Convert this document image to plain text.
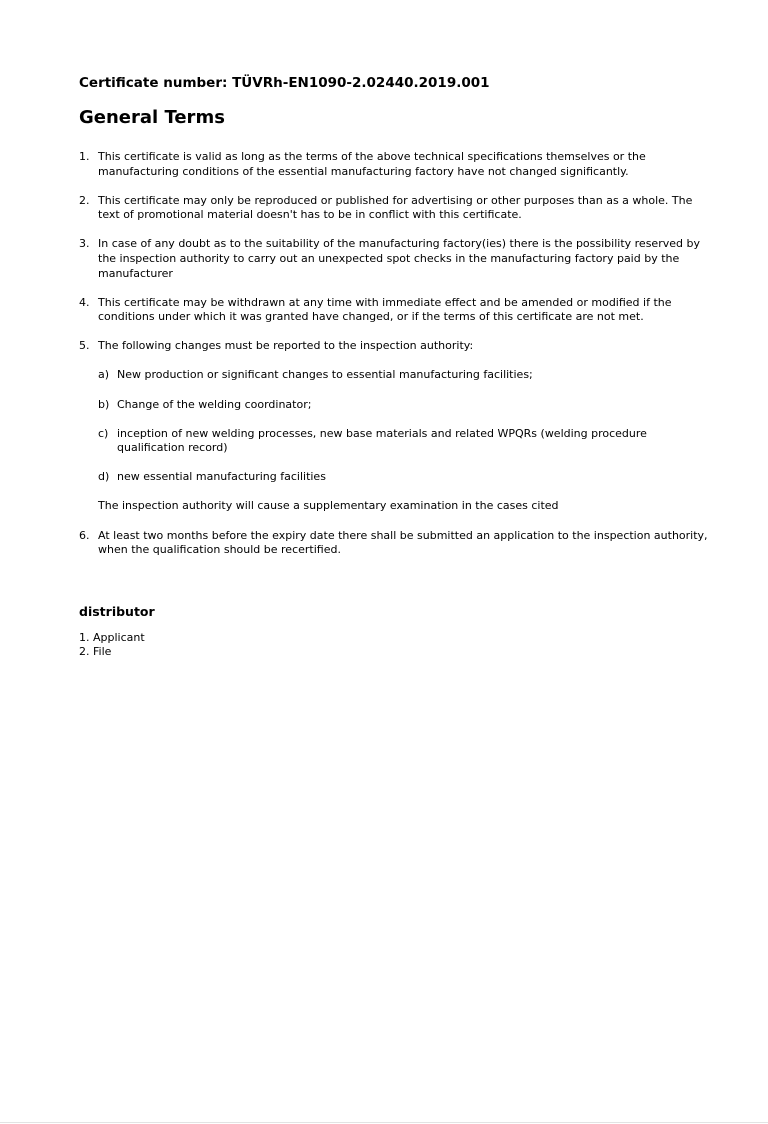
Certificate number: TÜVRh-EN1090-2.02440.2019.001
General Terms
1. This certificate is valid as long as the terms of the above technical specifications themselves or the manufacturing conditions of the essential manufacturing factory have not changed significantly.
2. This certificate may only be reproduced or published for advertising or other purposes than as a whole. The text of promotional material doesn't has to be in conflict with this certificate.
3. In case of any doubt as to the suitability of the manufacturing factory(ies) there is the possibility reserved by the inspection authority to carry out an unexpected spot checks in the manufacturing factory paid by the manufacturer
4. This certificate may be withdrawn at any time with immediate effect and be amended or modified if the conditions under which it was granted have changed, or if the terms of this certificate are not met.
5. The following changes must be reported to the inspection authority:
a) New production or significant changes to essential manufacturing facilities;
b) Change of the welding coordinator;
c) inception of new welding processes, new base materials and related WPQRs (welding procedure qualification record)
d) new essential manufacturing facilities

The inspection authority will cause a supplementary examination in the cases cited

6. At least two months before the expiry date there shall be submitted an application to the inspection authority, when the qualification should be recertified.
distributor
1. Applicant
2. File
